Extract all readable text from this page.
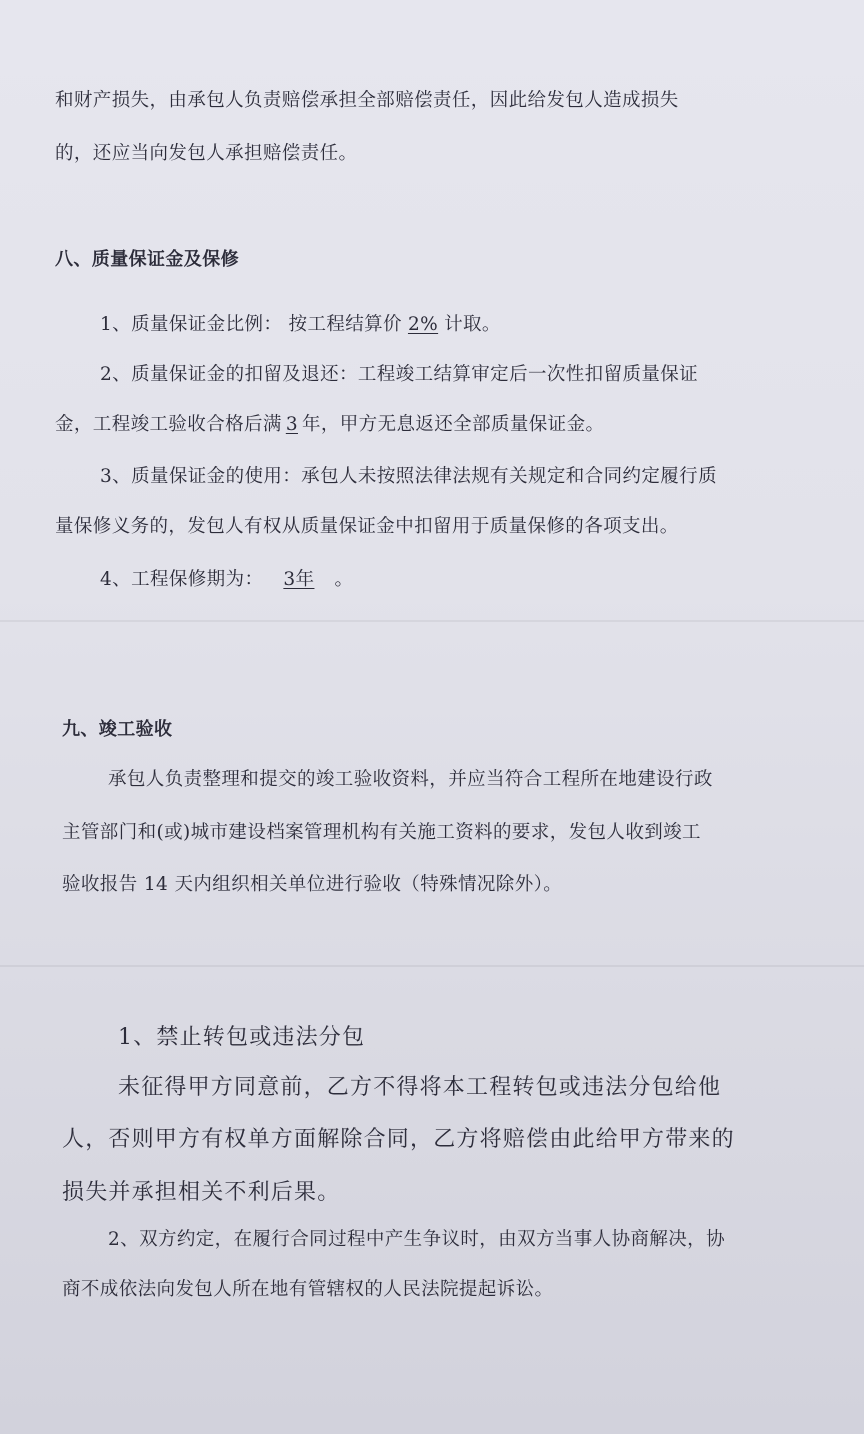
和财产损失，由承包人负责赔偿承担全部赔偿责任，因此给发包人造成损失
的，还应当向发包人承担赔偿责任。
八、质量保证金及保修
1、质量保证金比例： 按工程结算价 2% 计取。
2、质量保证金的扣留及退还：工程竣工结算审定后一次性扣留质量保证
金，工程竣工验收合格后满 3 年，甲方无息返还全部质量保证金。
3、质量保证金的使用：承包人未按照法律法规有关规定和合同约定履行质
量保修义务的，发包人有权从质量保证金中扣留用于质量保修的各项支出。
4、工程保修期为： 3年 。
九、竣工验收
承包人负责整理和提交的竣工验收资料，并应当符合工程所在地建设行政
主管部门和(或)城市建设档案管理机构有关施工资料的要求，发包人收到竣工
验收报告 14 天内组织相关单位进行验收（特殊情况除外）。
1、禁止转包或违法分包
未征得甲方同意前，乙方不得将本工程转包或违法分包给他
人，否则甲方有权单方面解除合同，乙方将赔偿由此给甲方带来的
损失并承担相关不利后果。
2、双方约定，在履行合同过程中产生争议时，由双方当事人协商解决，协
商不成依法向发包人所在地有管辖权的人民法院提起诉讼。
